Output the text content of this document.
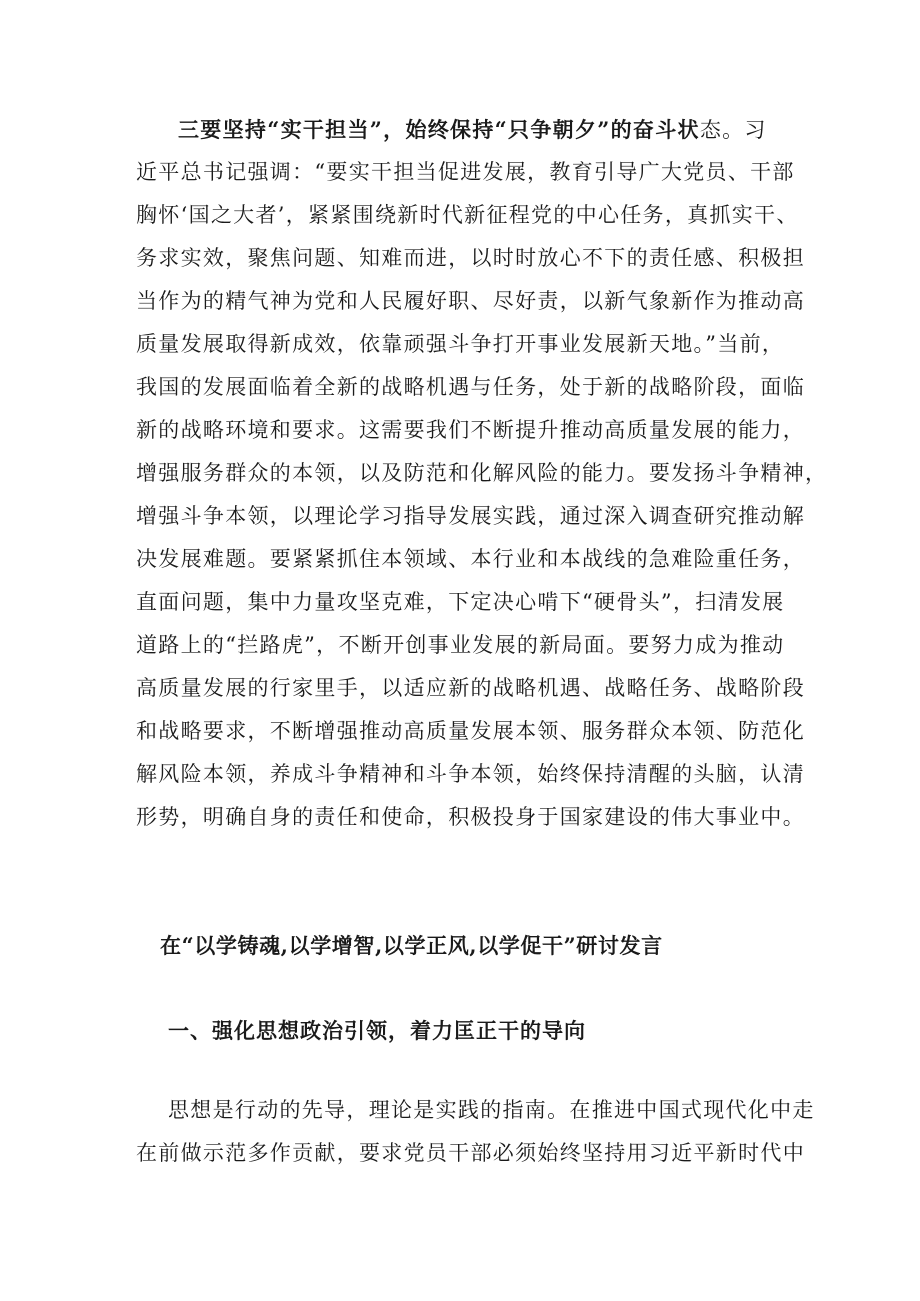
三要坚持“实干担当”，始终保持“只争朝夕”的奋斗状态。习
近平总书记强调：“要实干担当促进发展，教育引导广大党员、干部
胸怀‘国之大者’，紧紧围绕新时代新征程党的中心任务，真抓实干、
务求实效，聚焦问题、知难而进，以时时放心不下的责任感、积极担
当作为的精气神为党和人民履好职、尽好责，以新气象新作为推动高
质量发展取得新成效，依靠顽强斗争打开事业发展新天地。”当前，
我国的发展面临着全新的战略机遇与任务，处于新的战略阶段，面临
新的战略环境和要求。这需要我们不断提升推动高质量发展的能力，
增强服务群众的本领，以及防范和化解风险的能力。要发扬斗争精神，
增强斗争本领，以理论学习指导发展实践，通过深入调查研究推动解
决发展难题。要紧紧抓住本领域、本行业和本战线的急难险重任务，
直面问题，集中力量攻坚克难，下定决心啃下“硬骨头”，扫清发展
道路上的“拦路虎”，不断开创事业发展的新局面。要努力成为推动
高质量发展的行家里手，以适应新的战略机遇、战略任务、战略阶段
和战略要求，不断增强推动高质量发展本领、服务群众本领、防范化
解风险本领，养成斗争精神和斗争本领，始终保持清醒的头脑，认清
形势，明确自身的责任和使命，积极投身于国家建设的伟大事业中。
在“以学铸魂,以学增智,以学正风,以学促干”研讨发言
一、强化思想政治引领，着力匡正干的导向
思想是行动的先导，理论是实践的指南。在推进中国式现代化中走
在前做示范多作贡献，要求党员干部必须始终坚持用习近平新时代中
